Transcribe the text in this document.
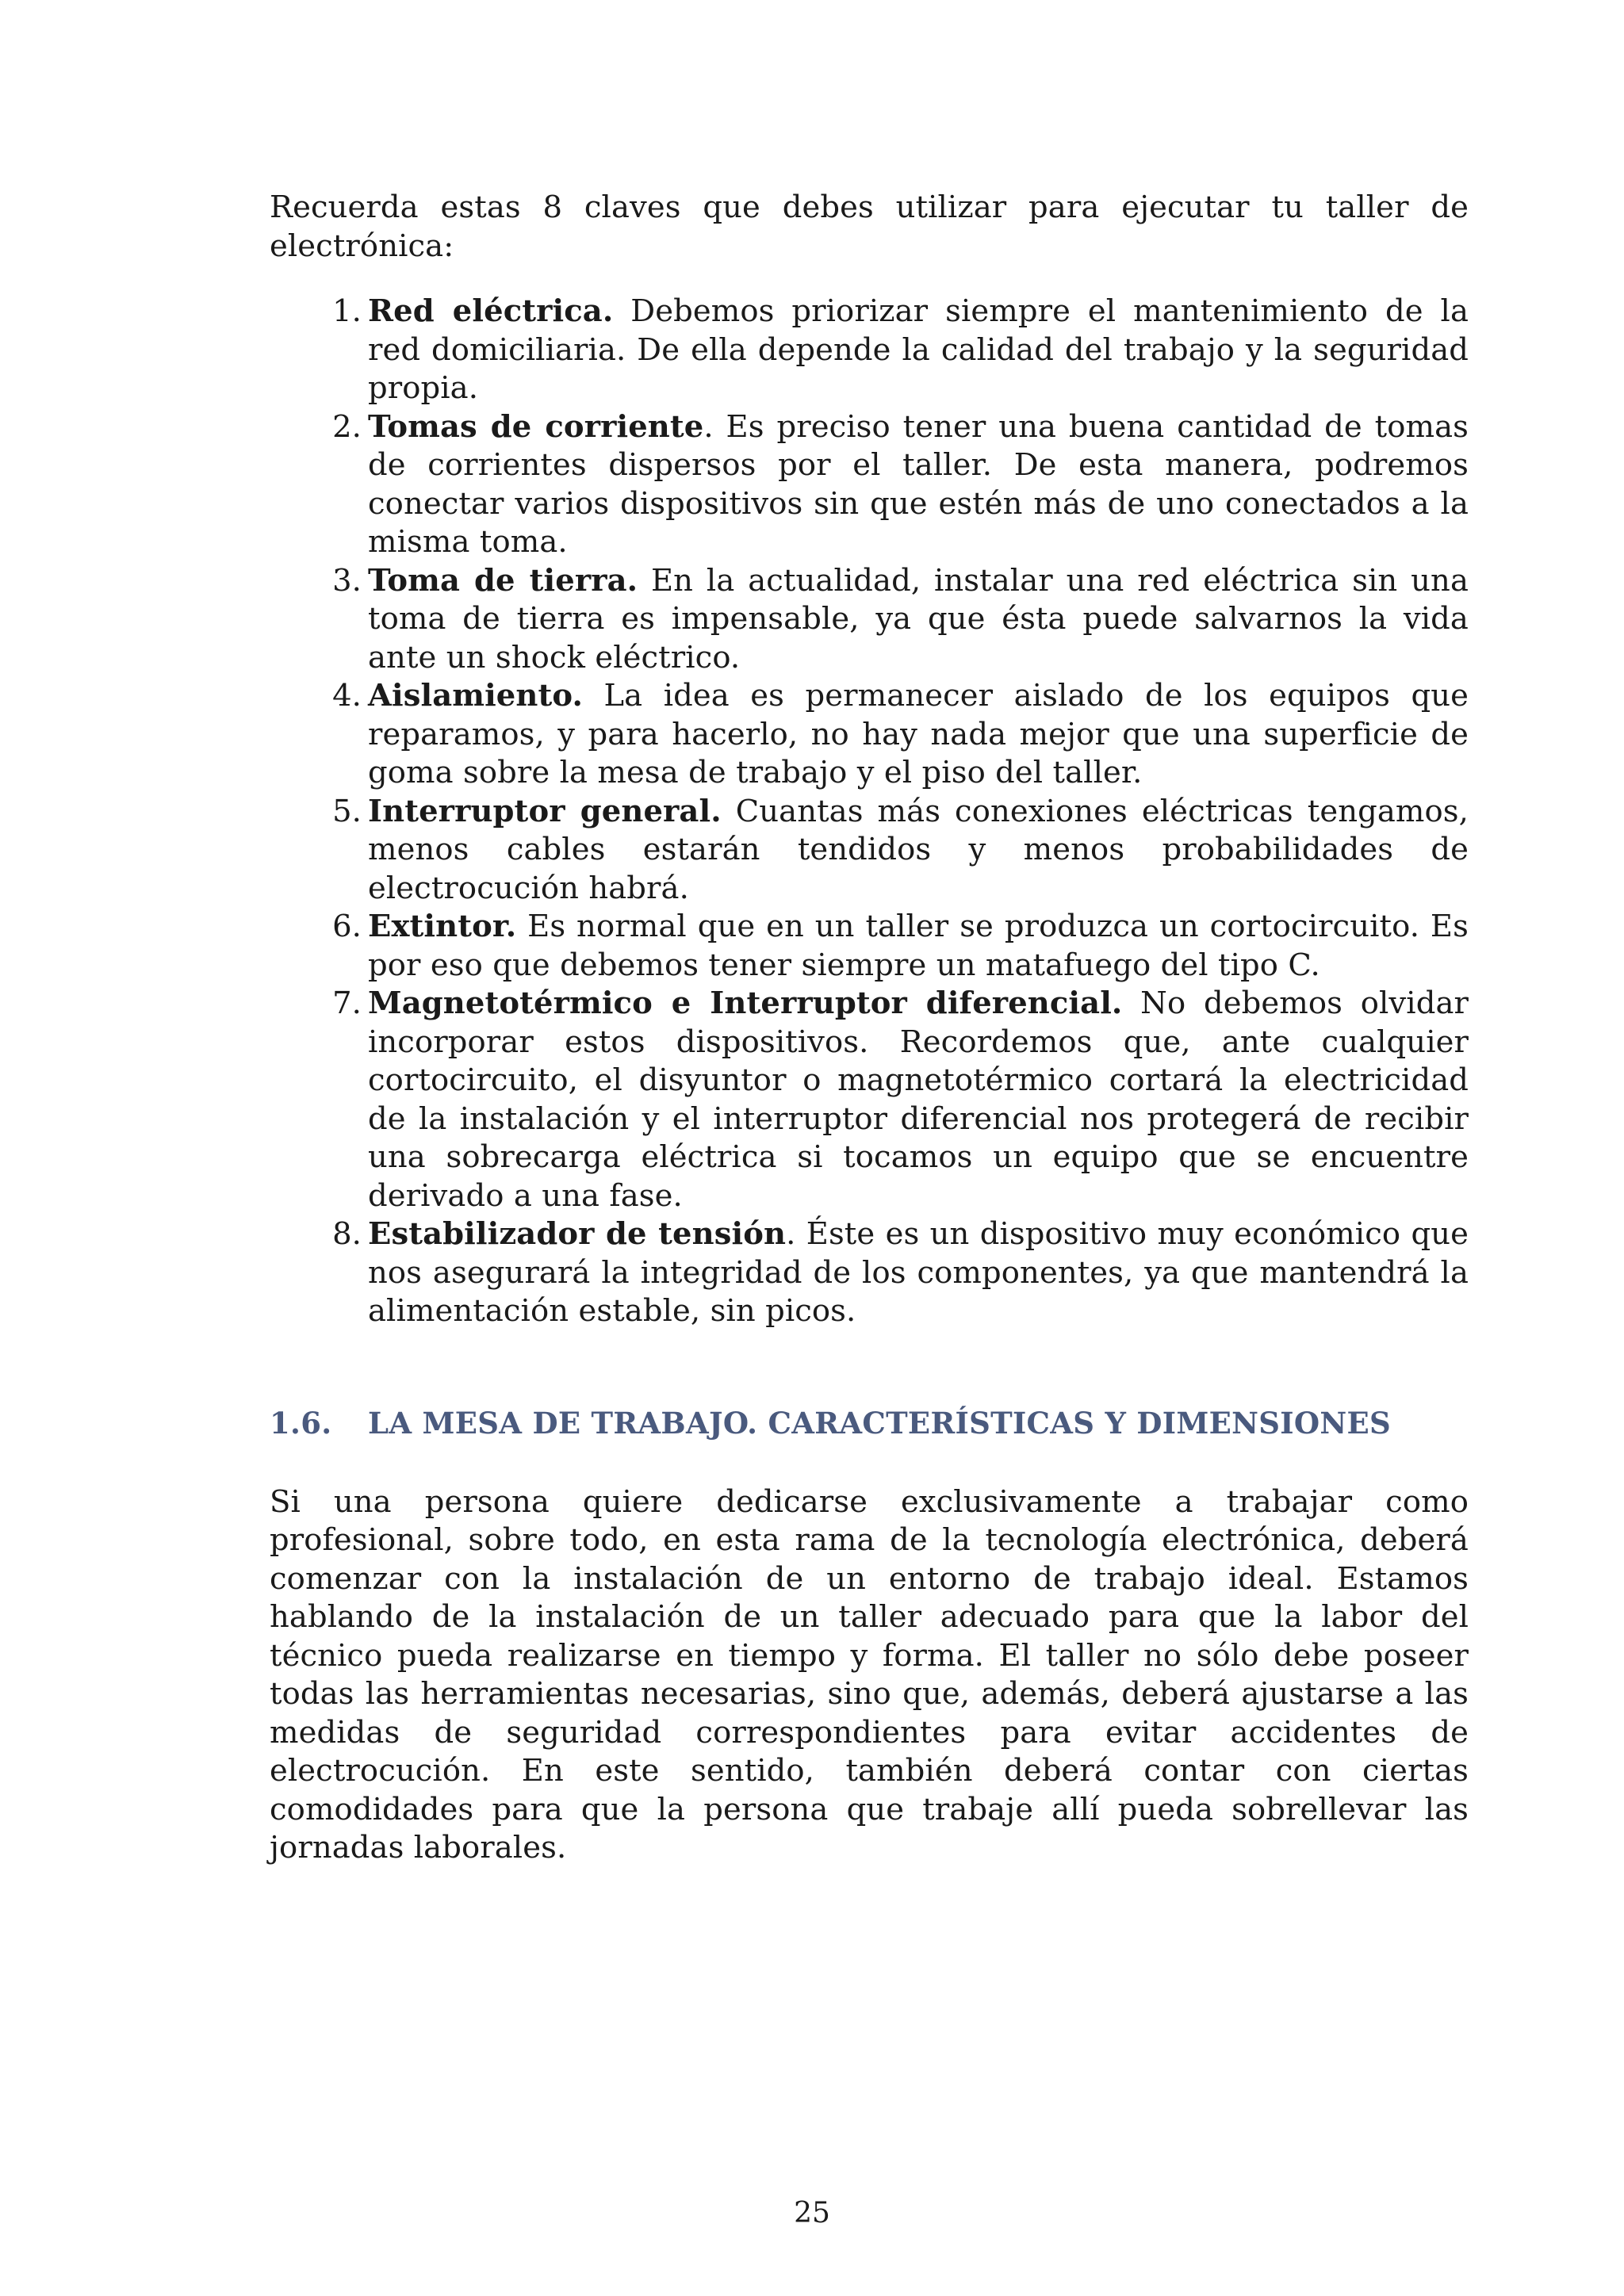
Recuerda estas 8 claves que debes utilizar para ejecutar tu taller de electrónica:

1. Red eléctrica. Debemos priorizar siempre el mantenimiento de la red domiciliaria. De ella depende la calidad del trabajo y la seguridad propia.
2. Tomas de corriente. Es preciso tener una buena cantidad de tomas de corrientes dispersos por el taller. De esta manera, podremos conectar varios dispositivos sin que estén más de uno conectados a la misma toma.
3. Toma de tierra. En la actualidad, instalar una red eléctrica sin una toma de tierra es impensable, ya que ésta puede salvarnos la vida ante un shock eléctrico.
4. Aislamiento. La idea es permanecer aislado de los equipos que reparamos, y para hacerlo, no hay nada mejor que una superficie de goma sobre la mesa de trabajo y el piso del taller.
5. Interruptor general. Cuantas más conexiones eléctricas tengamos, menos cables estarán tendidos y menos probabilidades de electrocución habrá.
6. Extintor. Es normal que en un taller se produzca un cortocircuito. Es por eso que debemos tener siempre un matafuego del tipo C.
7. Magnetotérmico e Interruptor diferencial. No debemos olvidar incorporar estos dispositivos. Recordemos que, ante cualquier cortocircuito, el disyuntor o magnetotérmico cortará la electricidad de la instalación y el interruptor diferencial nos protegerá de recibir una sobrecarga eléctrica si tocamos un equipo que se encuentre derivado a una fase.
8. Estabilizador de tensión. Éste es un dispositivo muy económico que nos asegurará la integridad de los componentes, ya que mantendrá la alimentación estable, sin picos.
1.6. LA MESA DE TRABAJO. CARACTERÍSTICAS Y DIMENSIONES

Si una persona quiere dedicarse exclusivamente a trabajar como profesional, sobre todo, en esta rama de la tecnología electrónica, deberá comenzar con la instalación de un entorno de trabajo ideal. Estamos hablando de la instalación de un taller adecuado para que la labor del técnico pueda realizarse en tiempo y forma. El taller no sólo debe poseer todas las herramientas necesarias, sino que, además, deberá ajustarse a las medidas de seguridad correspondientes para evitar accidentes de electrocución. En este sentido, también deberá contar con ciertas comodidades para que la persona que trabaje allí pueda sobrellevar las jornadas laborales.

25
